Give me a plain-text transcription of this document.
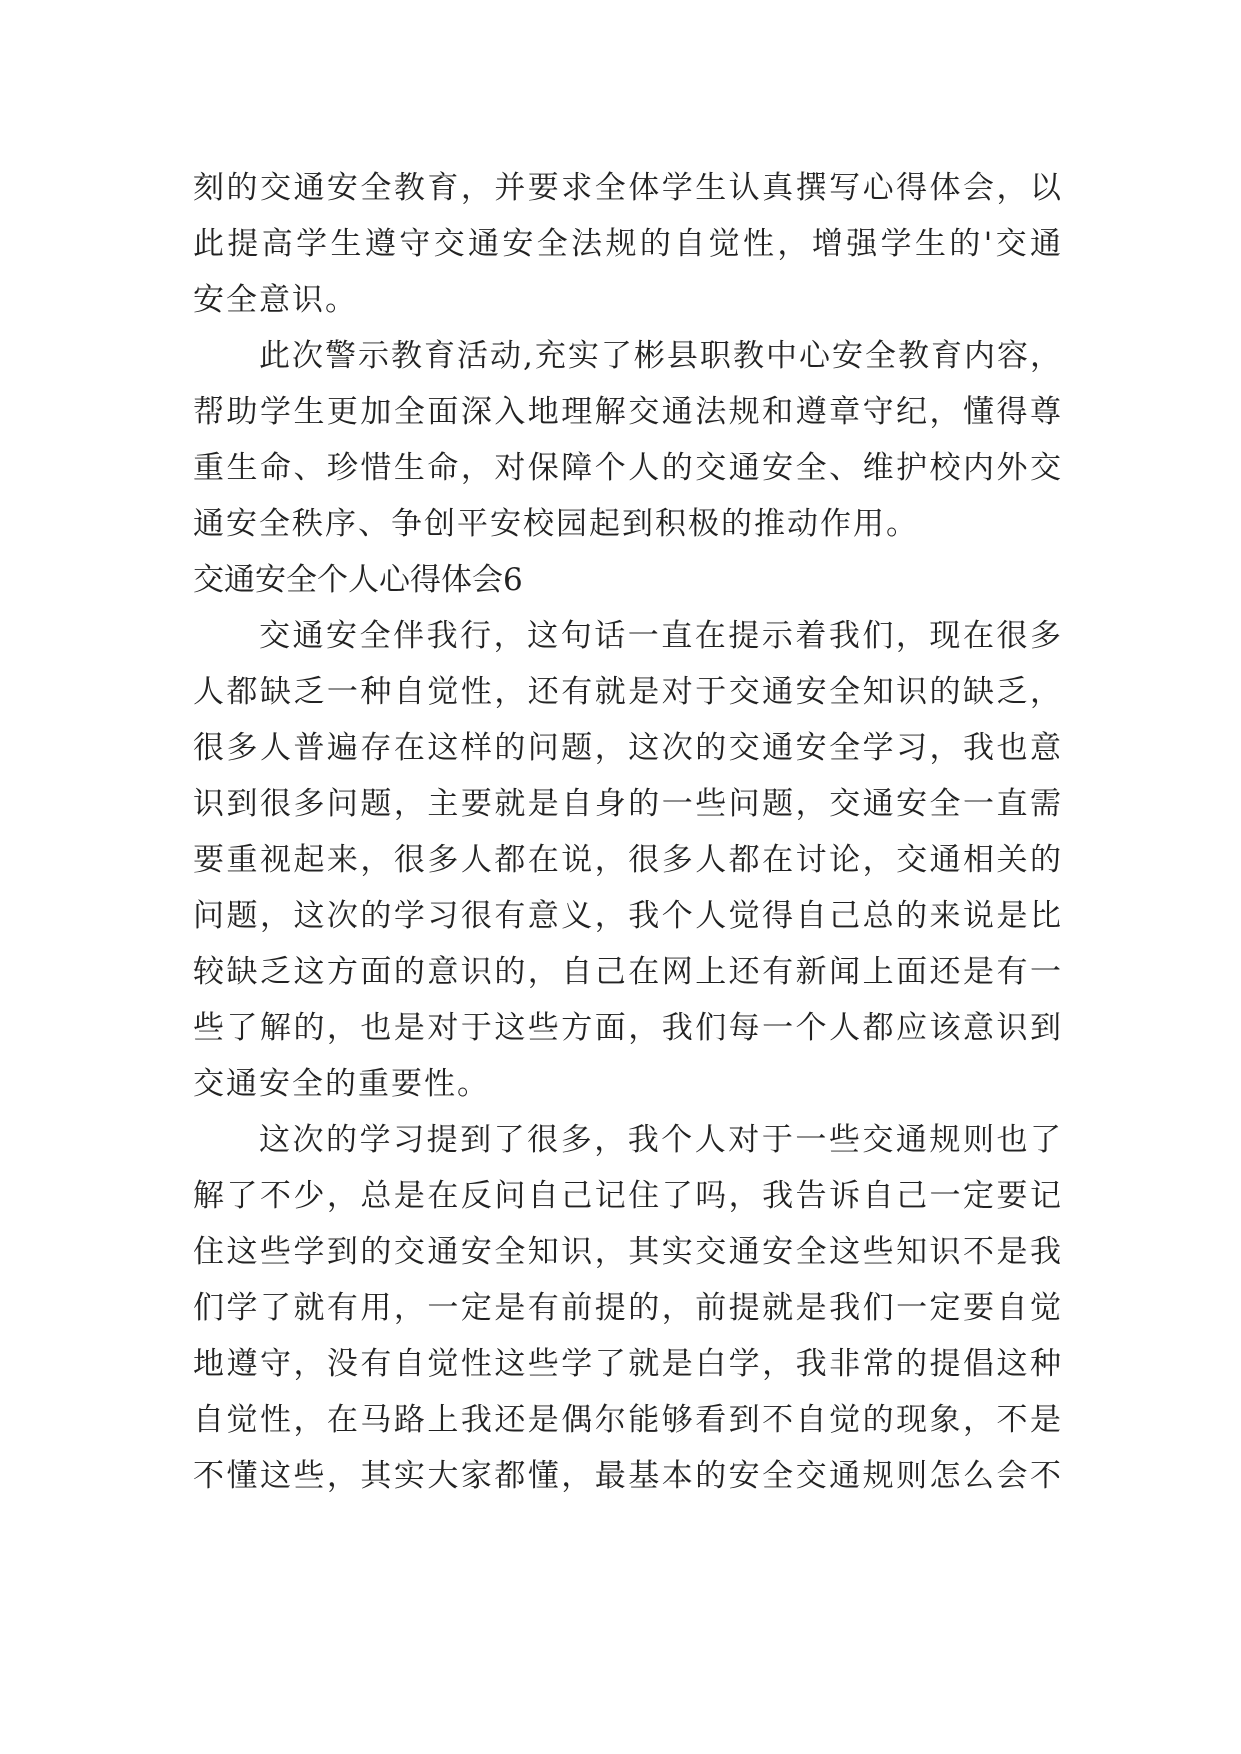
刻的交通安全教育，并要求全体学生认真撰写心得体会，以
此提高学生遵守交通安全法规的自觉性，增强学生的'交通
安全意识。
此次警示教育活动,充实了彬县职教中心安全教育内容，
帮助学生更加全面深入地理解交通法规和遵章守纪，懂得尊
重生命、珍惜生命，对保障个人的交通安全、维护校内外交
通安全秩序、争创平安校园起到积极的推动作用。
交通安全个人心得体会6
交通安全伴我行，这句话一直在提示着我们，现在很多
人都缺乏一种自觉性，还有就是对于交通安全知识的缺乏，
很多人普遍存在这样的问题，这次的交通安全学习，我也意
识到很多问题，主要就是自身的一些问题，交通安全一直需
要重视起来，很多人都在说，很多人都在讨论，交通相关的
问题，这次的学习很有意义，我个人觉得自己总的来说是比
较缺乏这方面的意识的，自己在网上还有新闻上面还是有一
些了解的，也是对于这些方面，我们每一个人都应该意识到
交通安全的重要性。
这次的学习提到了很多，我个人对于一些交通规则也了
解了不少，总是在反问自己记住了吗，我告诉自己一定要记
住这些学到的交通安全知识，其实交通安全这些知识不是我
们学了就有用，一定是有前提的，前提就是我们一定要自觉
地遵守，没有自觉性这些学了就是白学，我非常的提倡这种
自觉性，在马路上我还是偶尔能够看到不自觉的现象，不是
不懂这些，其实大家都懂，最基本的安全交通规则怎么会不
